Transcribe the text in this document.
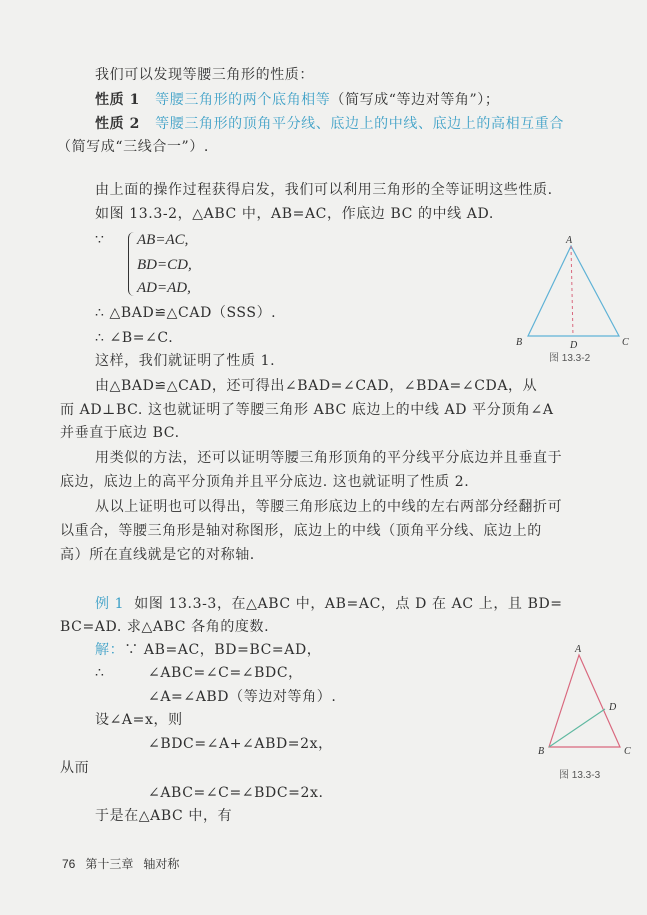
我们可以发现等腰三角形的性质：
性质 1 等腰三角形的两个底角相等（简写成“等边对等角”）；
性质 2 等腰三角形的顶角平分线、底边上的中线、底边上的高相互重合
（简写成“三线合一”）.
由上面的操作过程获得启发，我们可以利用三角形的全等证明这些性质.
如图 13.3-2，△ABC 中，AB=AC，作底边 BC 的中线 AD.
∵ AB=AC,
BD=CD,
AD=AD,
∴ △BAD≌△CAD（SSS）.
∴ ∠B=∠C.
这样，我们就证明了性质 1.
由△BAD≌△CAD，还可得出∠BAD=∠CAD，∠BDA=∠CDA，从
而 AD⊥BC. 这也就证明了等腰三角形 ABC 底边上的中线 AD 平分顶角∠A
并垂直于底边 BC.
用类似的方法，还可以证明等腰三角形顶角的平分线平分底边并且垂直于
底边，底边上的高平分顶角并且平分底边. 这也就证明了性质 2.
从以上证明也可以得出，等腰三角形底边上的中线的左右两部分经翻折可
以重合，等腰三角形是轴对称图形，底边上的中线（顶角平分线、底边上的
高）所在直线就是它的对称轴.
A
B	C
D
A
B	C
D
图 13.3-2
图 13.3-3
例 1 如图 13.3-3，在△ABC 中，AB=AC，点 D 在 AC 上，且 BD=
BC=AD. 求△ABC 各角的度数.
解：∵ AB=AC，BD=BC=AD，
∴	∠ABC=∠C=∠BDC，
∠A=∠ABD（等边对等角）.
设∠A=x，则
∠BDC=∠A+∠ABD=2x，
从而
∠ABC=∠C=∠BDC=2x.
于是在△ABC 中，有
76 第十三章 轴对称
